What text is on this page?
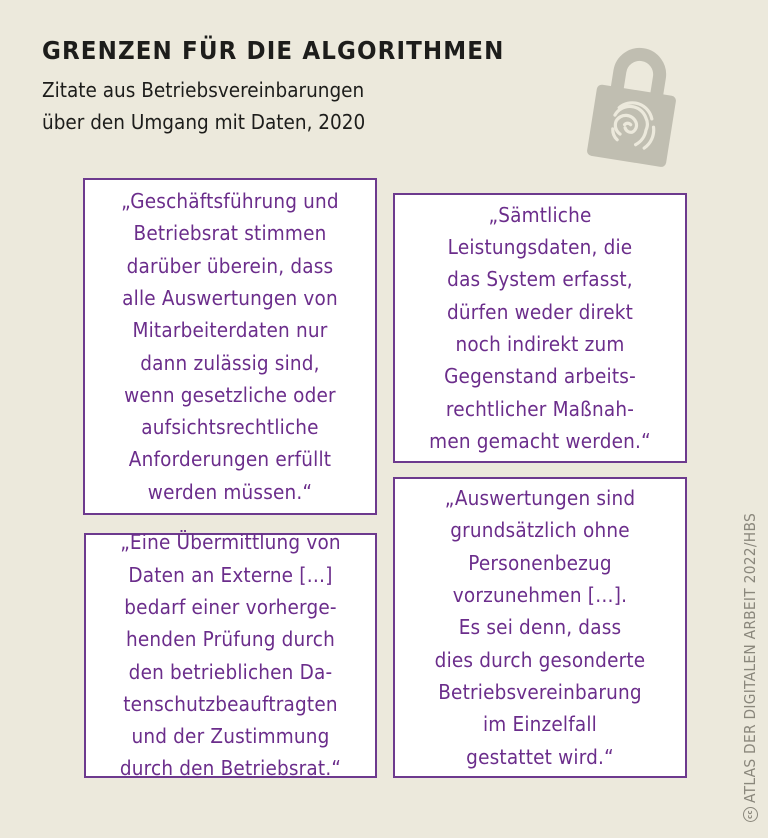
GRENZEN FÜR DIE ALGORITHMEN
Zitate aus Betriebsvereinbarungen
über den Umgang mit Daten, 2020
„Geschäftsführung und
Betriebsrat stimmen
darüber überein, dass
alle Auswertungen von
Mitarbeiterdaten nur
dann zulässig sind,
wenn gesetzliche oder
aufsichtsrechtliche
Anforderungen erfüllt
werden müssen.“
„Sämtliche
Leistungsdaten, die
das System erfasst,
dürfen weder direkt
noch indirekt zum
Gegenstand arbeits-
rechtlicher Maßnah-
men gemacht werden.“
„Eine Übermittlung von
Daten an Externe […]
bedarf einer vorherge-
henden Prüfung durch
den betrieblichen Da-
tenschutzbeauftragten
und der Zustimmung
durch den Betriebsrat.“
„Auswertungen sind
grundsätzlich ohne
Personenbezug
vorzunehmen […].
Es sei denn, dass
dies durch gesonderte
Betriebsvereinbarung
im Einzelfall
gestattet wird.“
cc
ATLAS DER DIGITALEN ARBEIT 2022/HBS
